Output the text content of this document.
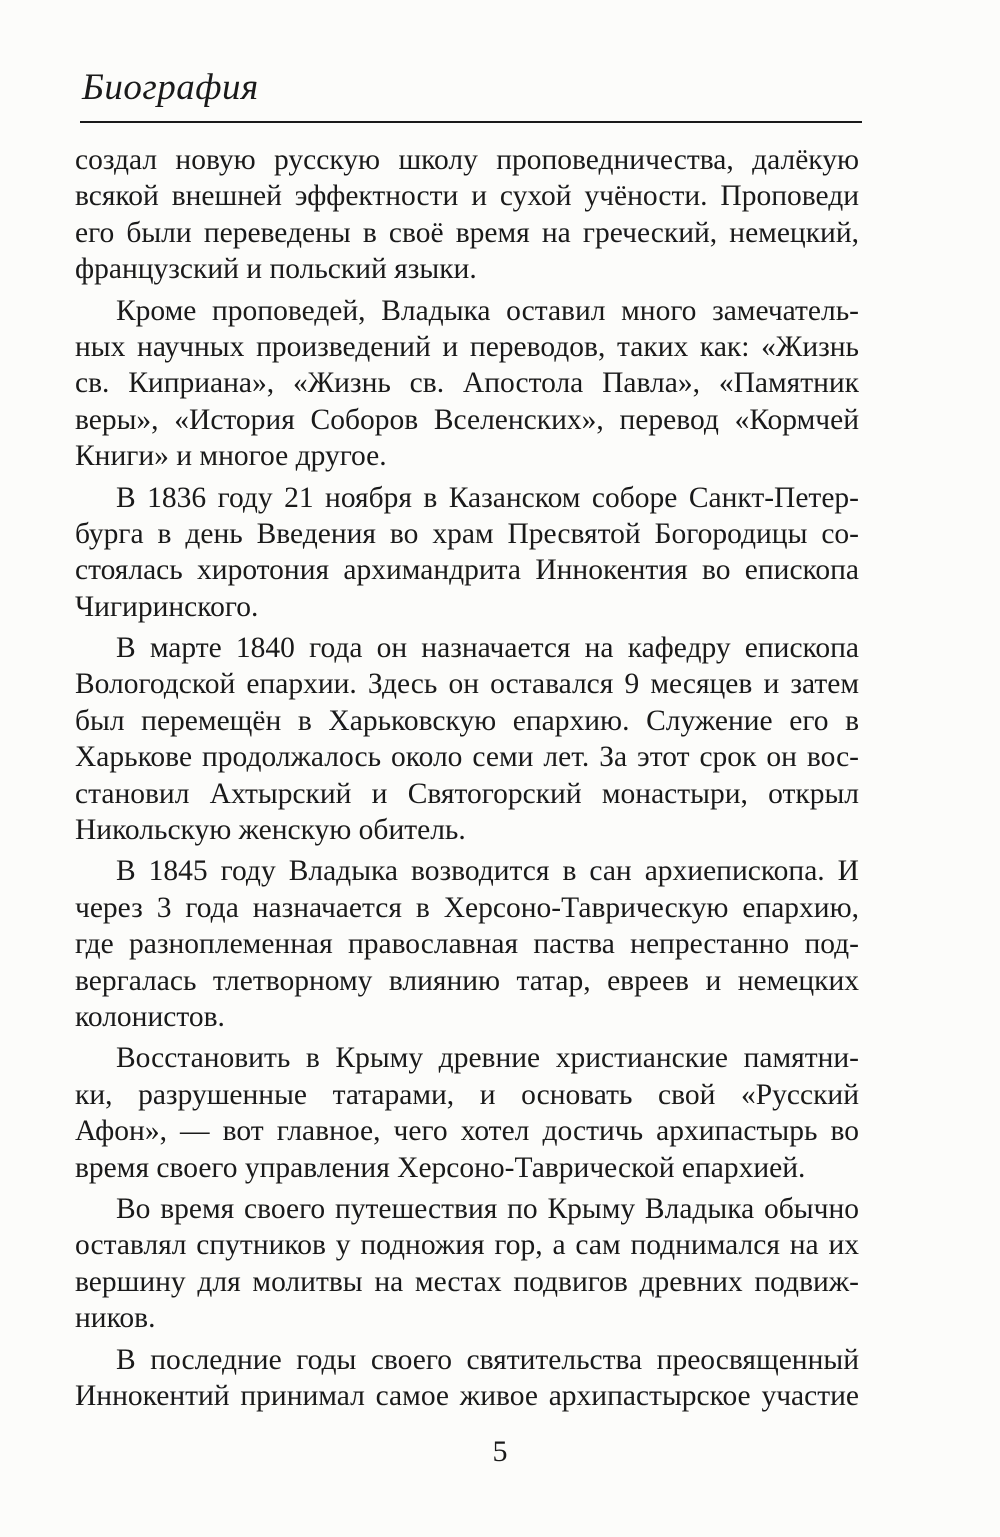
Биография
создал новую русскую школу проповедничества, далёкую
всякой внешней эффектности и сухой учёности. Проповеди
его были переведены в своё время на греческий, немецкий,
французский и польский языки.
Кроме проповедей, Владыка оставил много замечатель-
ных научных произведений и переводов, таких как: «Жизнь
св. Киприана», «Жизнь св. Апостола Павла», «Памятник
веры», «История Соборов Вселенских», перевод «Кормчей
Книги» и многое другое.
В 1836 году 21 ноября в Казанском соборе Санкт-Петер-
бурга в день Введения во храм Пресвятой Богородицы со-
стоялась хиротония архимандрита Иннокентия во епископа
Чигиринского.
В марте 1840 года он назначается на кафедру епископа
Вологодской епархии. Здесь он оставался 9 месяцев и затем
был перемещён в Харьковскую епархию. Служение его в
Харькове продолжалось около семи лет. За этот срок он вос-
становил Ахтырский и Святогорский монастыри, открыл
Никольскую женскую обитель.
В 1845 году Владыка возводится в сан архиепископа. И
через 3 года назначается в Херсоно-Таврическую епархию,
где разноплеменная православная паства непрестанно под-
вергалась тлетворному влиянию татар, евреев и немецких
колонистов.
Восстановить в Крыму древние христианские памятни-
ки, разрушенные татарами, и основать свой «Русский
Афон», — вот главное, чего хотел достичь архипастырь во
время своего управления Херсоно-Таврической епархией.
Во время своего путешествия по Крыму Владыка обычно
оставлял спутников у подножия гор, а сам поднимался на их
вершину для молитвы на местах подвигов древних подвиж-
ников.
В последние годы своего святительства преосвященный
Иннокентий принимал самое живое архипастырское участие
5
